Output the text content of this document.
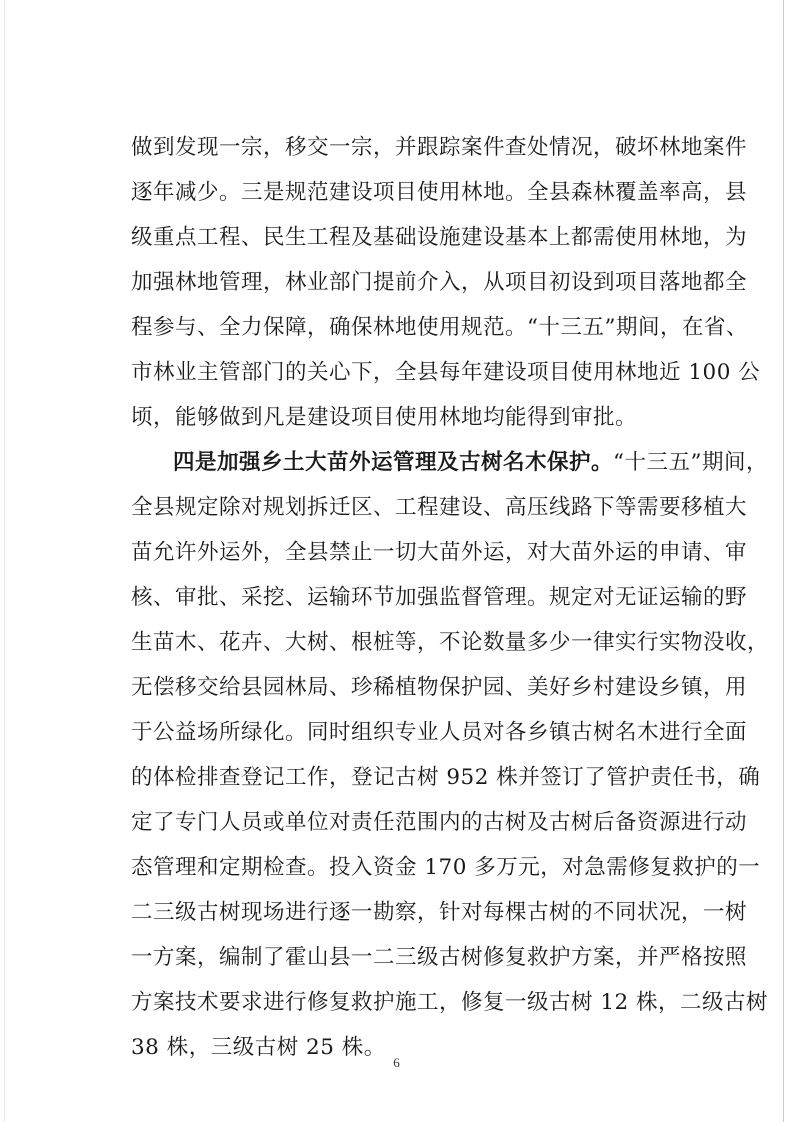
做到发现一宗，移交一宗，并跟踪案件查处情况，破坏林地案件
逐年减少。三是规范建设项目使用林地。全县森林覆盖率高，县
级重点工程、民生工程及基础设施建设基本上都需使用林地，为
加强林地管理，林业部门提前介入，从项目初设到项目落地都全
程参与、全力保障，确保林地使用规范。“十三五”期间，在省、
市林业主管部门的关心下，全县每年建设项目使用林地近 100 公
顷，能够做到凡是建设项目使用林地均能得到审批。
四是加强乡土大苗外运管理及古树名木保护。“十三五”期间，
全县规定除对规划拆迁区、工程建设、高压线路下等需要移植大
苗允许外运外，全县禁止一切大苗外运，对大苗外运的申请、审
核、审批、采挖、运输环节加强监督管理。规定对无证运输的野
生苗木、花卉、大树、根桩等，不论数量多少一律实行实物没收，
无偿移交给县园林局、珍稀植物保护园、美好乡村建设乡镇，用
于公益场所绿化。同时组织专业人员对各乡镇古树名木进行全面
的体检排查登记工作，登记古树 952 株并签订了管护责任书，确
定了专门人员或单位对责任范围内的古树及古树后备资源进行动
态管理和定期检查。投入资金 170 多万元，对急需修复救护的一
二三级古树现场进行逐一勘察，针对每棵古树的不同状况，一树
一方案，编制了霍山县一二三级古树修复救护方案，并严格按照
方案技术要求进行修复救护施工，修复一级古树 12 株，二级古树
38 株，三级古树 25 株。
6
